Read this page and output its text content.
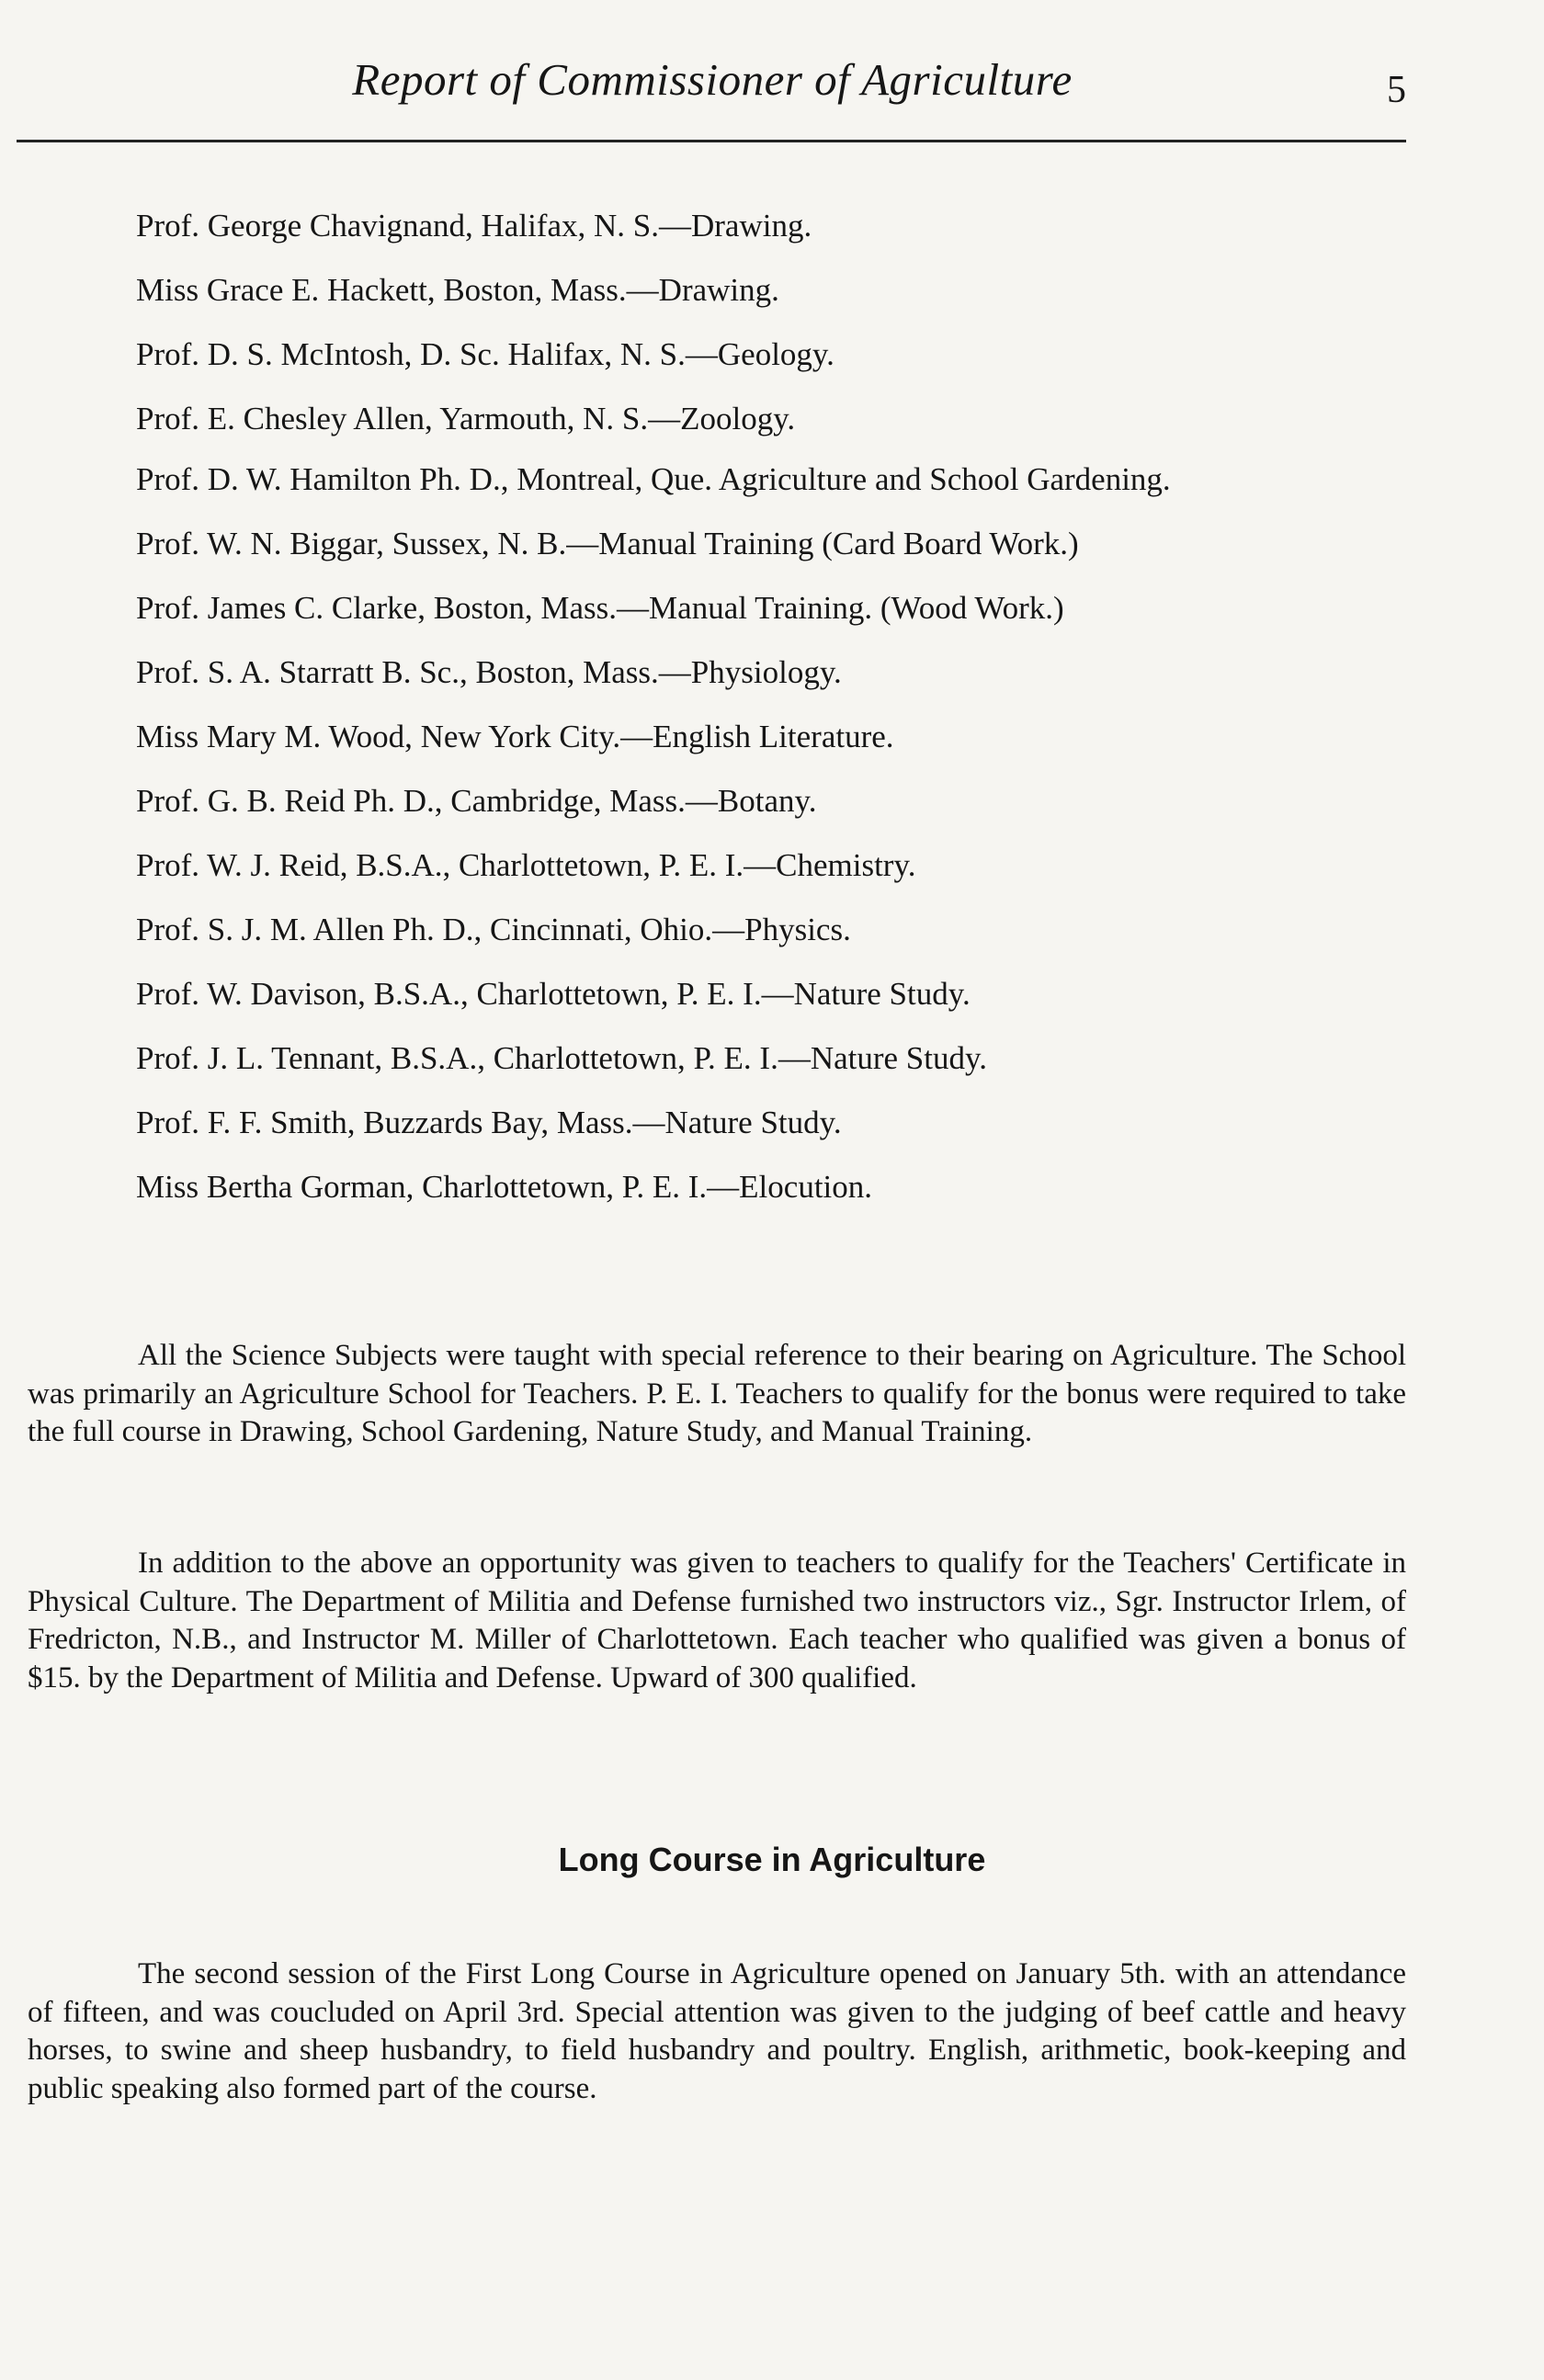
Report of Commissioner of Agriculture	5
Prof. George Chavignand, Halifax, N. S.—Drawing.
Miss Grace E. Hackett, Boston, Mass.—Drawing.
Prof. D. S. McIntosh, D. Sc. Halifax, N. S.—Geology.
Prof. E. Chesley Allen, Yarmouth, N. S.—Zoology.
Prof. D. W. Hamilton Ph. D., Montreal, Que. Agriculture and School Gardening.
Prof. W. N. Biggar, Sussex, N. B.—Manual Training (Card Board Work.)
Prof. James C. Clarke, Boston, Mass.—Manual Training. (Wood Work.)
Prof. S. A. Starratt B. Sc., Boston, Mass.—Physiology.
Miss Mary M. Wood, New York City.—English Literature.
Prof. G. B. Reid Ph. D., Cambridge, Mass.—Botany.
Prof. W. J. Reid, B.S.A., Charlottetown, P. E. I.—Chemistry.
Prof. S. J. M. Allen Ph. D., Cincinnati, Ohio.—Physics.
Prof. W. Davison, B.S.A., Charlottetown, P. E. I.—Nature Study.
Prof. J. L. Tennant, B.S.A., Charlottetown, P. E. I.—Nature Study.
Prof. F. F. Smith, Buzzards Bay, Mass.—Nature Study.
Miss Bertha Gorman, Charlottetown, P. E. I.—Elocution.

All the Science Subjects were taught with special reference to their bearing on Agriculture. The School was primarily an Agriculture School for Teachers. P. E. I. Teachers to qualify for the bonus were required to take the full course in Drawing, School Gardening, Nature Study, and Manual Training.

In addition to the above an opportunity was given to teachers to qualify for the Teachers' Certificate in Physical Culture. The Department of Militia and Defense furnished two instructors viz., Sgr. Instructor Irlem, of Fredricton, N.B., and Instructor M. Miller of Charlottetown. Each teacher who qualified was given a bonus of $15. by the Department of Militia and Defense. Upward of 300 qualified.

Long Course in Agriculture

The second session of the First Long Course in Agriculture opened on January 5th. with an attendance of fifteen, and was coucluded on April 3rd. Special attention was given to the judging of beef cattle and heavy horses, to swine and sheep husbandry, to field husbandry and poultry. English, arithmetic, book-keeping and public speaking also formed part of the course.
